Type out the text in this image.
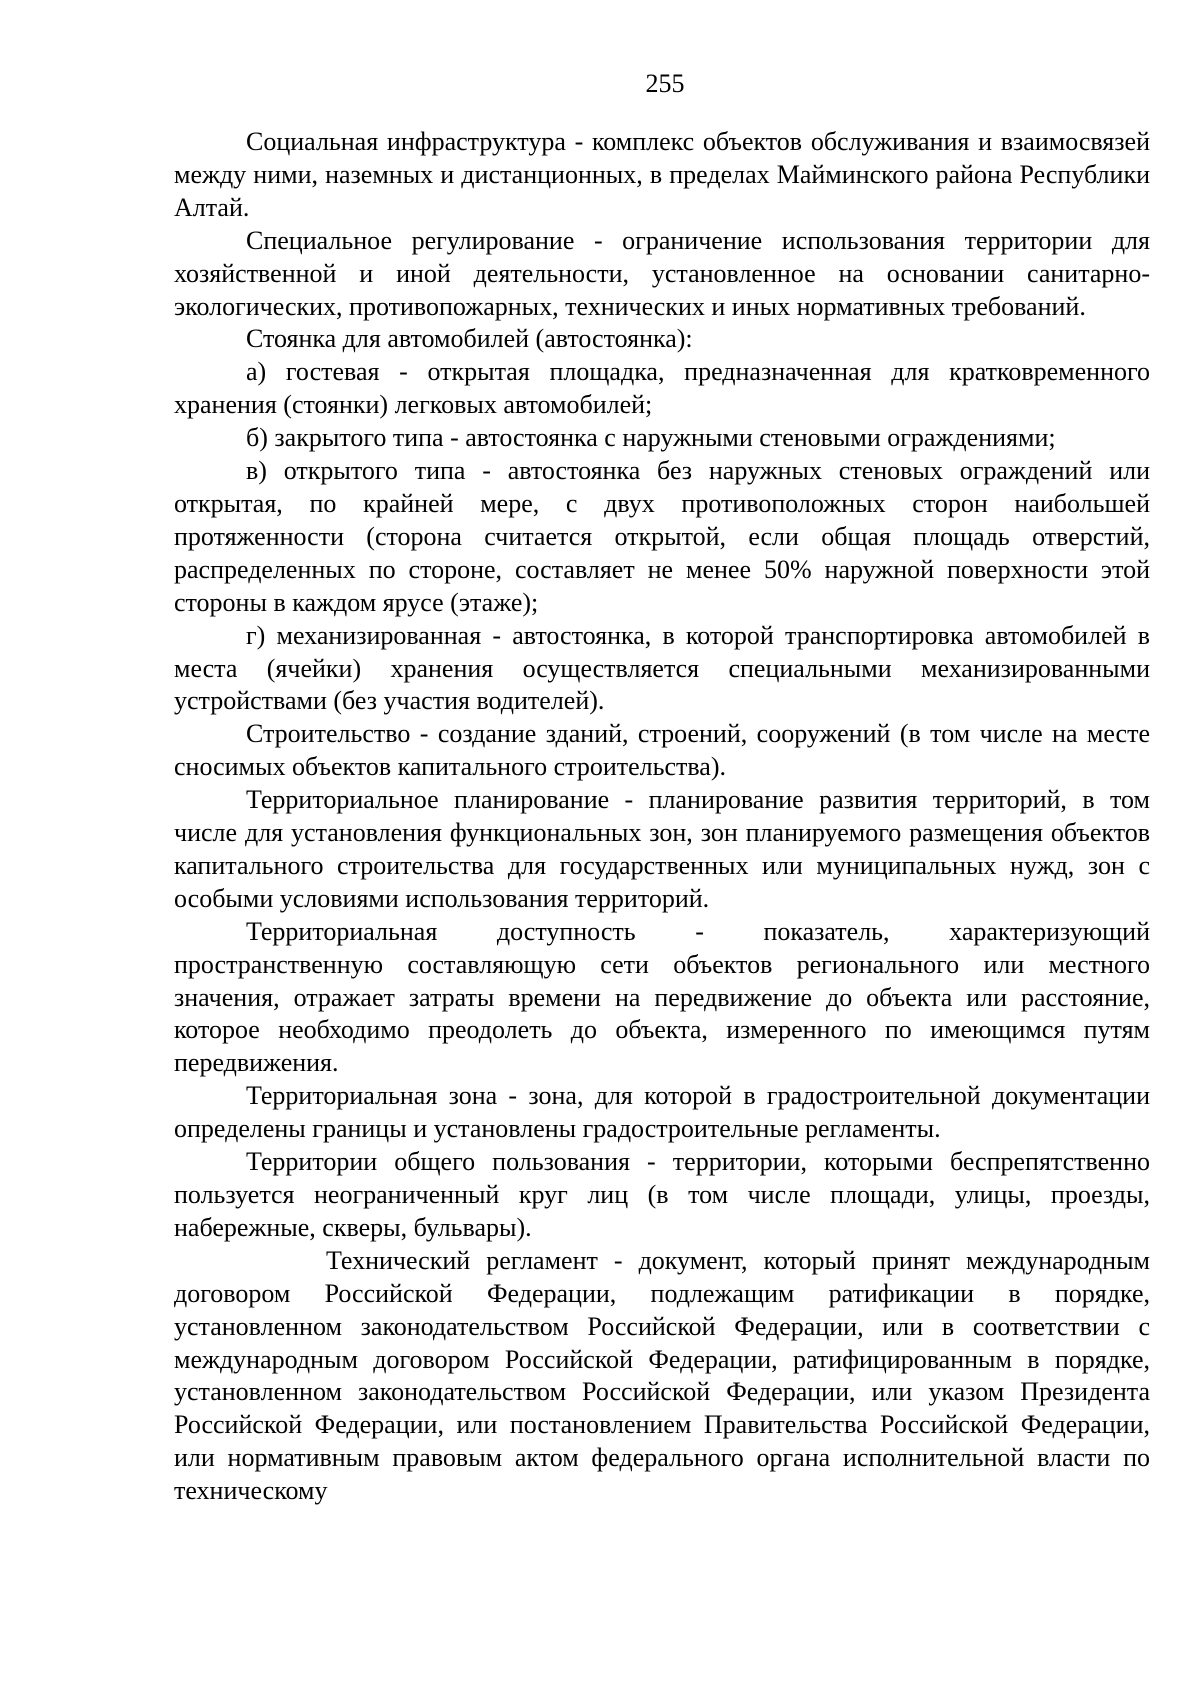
255

Социальная инфраструктура - комплекс объектов обслуживания и взаимосвязей между ними, наземных и дистанционных, в пределах Майминского района Республики Алтай.

Специальное регулирование - ограничение использования территории для хозяйственной и иной деятельности, установленное на основании санитарно-экологических, противопожарных, технических и иных нормативных требований.

Стоянка для автомобилей (автостоянка):

а) гостевая - открытая площадка, предназначенная для кратковременного хранения (стоянки) легковых автомобилей;

б) закрытого типа - автостоянка с наружными стеновыми ограждениями;

в) открытого типа - автостоянка без наружных стеновых ограждений или открытая, по крайней мере, с двух противоположных сторон наибольшей протяженности (сторона считается открытой, если общая площадь отверстий, распределенных по стороне, составляет не менее 50% наружной поверхности этой стороны в каждом ярусе (этаже);

г) механизированная - автостоянка, в которой транспортировка автомобилей в места (ячейки) хранения осуществляется специальными механизированными устройствами (без участия водителей).

Строительство - создание зданий, строений, сооружений (в том числе на месте сносимых объектов капитального строительства).

Территориальное планирование - планирование развития территорий, в том числе для установления функциональных зон, зон планируемого размещения объектов капитального строительства для государственных или муниципальных нужд, зон с особыми условиями использования территорий.

Территориальная доступность - показатель, характеризующий пространственную составляющую сети объектов регионального или местного значения, отражает затраты времени на передвижение до объекта или расстояние, которое необходимо преодолеть до объекта, измеренного по имеющимся путям передвижения.

Территориальная зона - зона, для которой в градостроительной документации определены границы и установлены градостроительные регламенты.

Территории общего пользования - территории, которыми беспрепятственно пользуется неограниченный круг лиц (в том числе площади, улицы, проезды, набережные, скверы, бульвары).

Технический регламент - документ, который принят международным договором Российской Федерации, подлежащим ратификации в порядке, установленном законодательством Российской Федерации, или в соответствии с международным договором Российской Федерации, ратифицированным в порядке, установленном законодательством Российской Федерации, или указом Президента Российской Федерации, или постановлением Правительства Российской Федерации, или нормативным правовым актом федерального органа исполнительной власти по техническому
